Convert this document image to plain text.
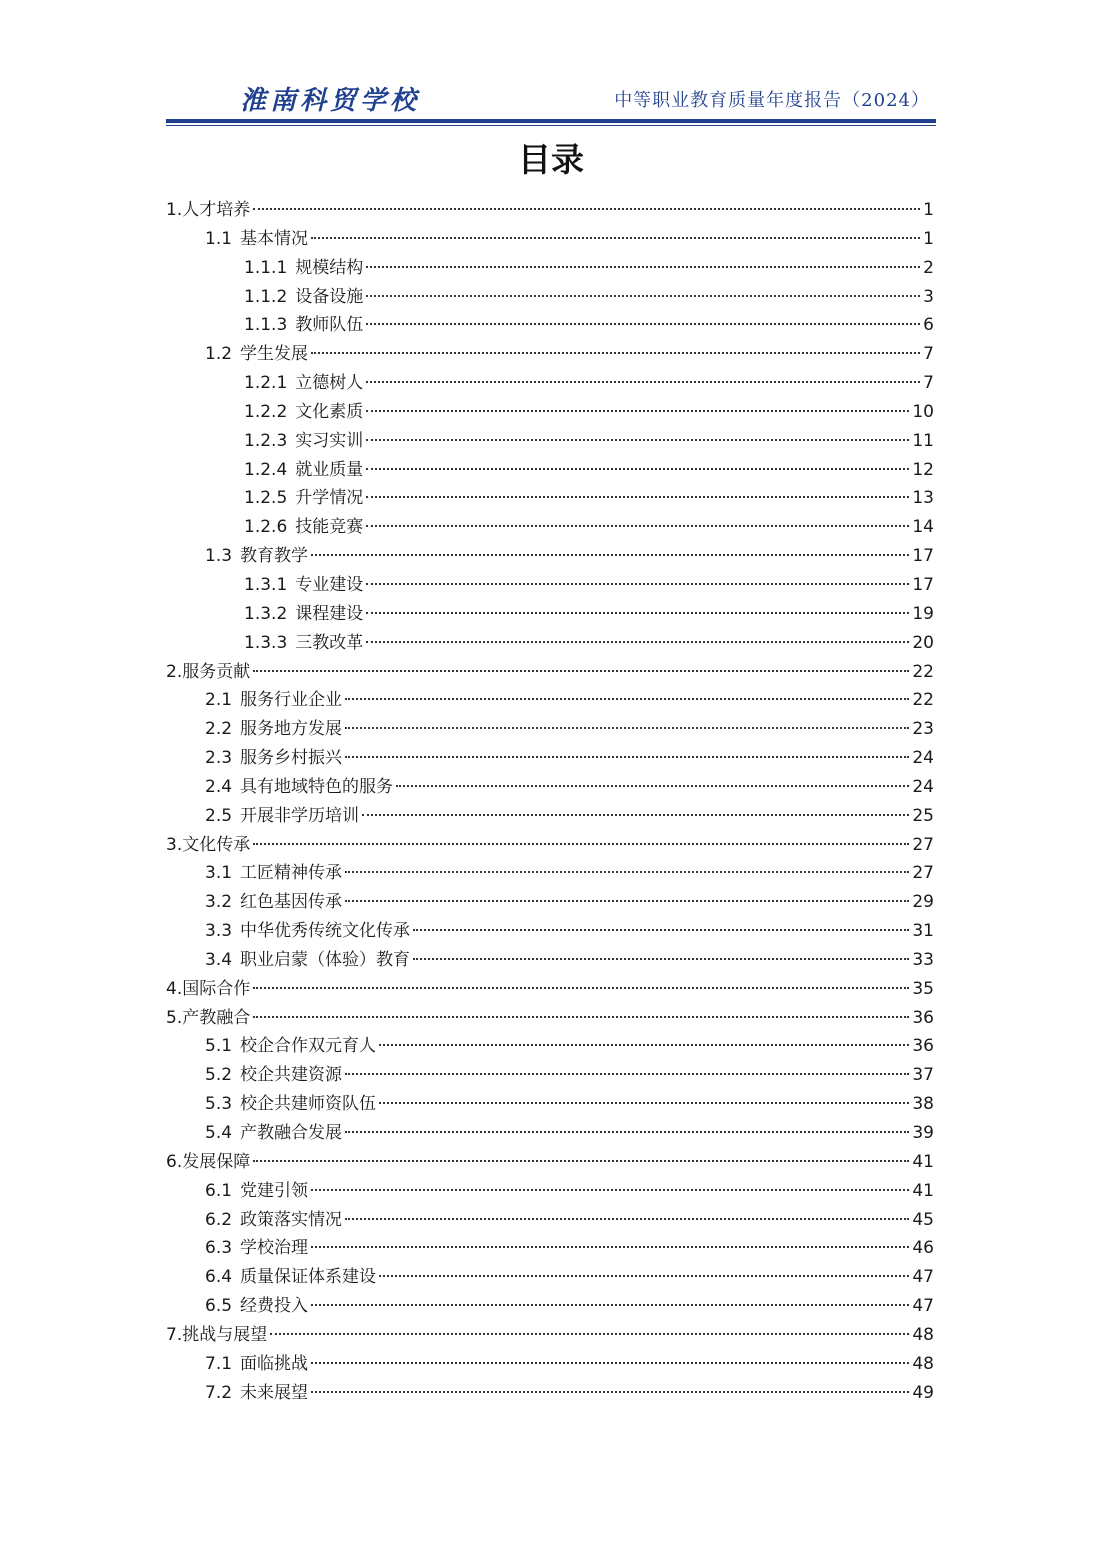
淮南科贸学校	中等职业教育质量年度报告（2024）
目录
1. 人才培养	1
1.1 基本情况	1
1.1.1 规模结构	2
1.1.2 设备设施	3
1.1.3 教师队伍	6
1.2 学生发展	7
1.2.1 立德树人	7
1.2.2 文化素质	10
1.2.3 实习实训	11
1.2.4 就业质量	12
1.2.5 升学情况	13
1.2.6 技能竞赛	14
1.3 教育教学	17
1.3.1 专业建设	17
1.3.2 课程建设	19
1.3.3 三教改革	20
2. 服务贡献	22
2.1 服务行业企业	22
2.2 服务地方发展	23
2.3 服务乡村振兴	24
2.4 具有地域特色的服务	24
2.5 开展非学历培训	25
3. 文化传承	27
3.1 工匠精神传承	27
3.2 红色基因传承	29
3.3 中华优秀传统文化传承	31
3.4 职业启蒙（体验）教育	33
4. 国际合作	35
5. 产教融合	36
5.1 校企合作双元育人	36
5.2 校企共建资源	37
5.3 校企共建师资队伍	38
5.4 产教融合发展	39
6. 发展保障	41
6.1 党建引领	41
6.2 政策落实情况	45
6.3 学校治理	46
6.4 质量保证体系建设	47
6.5 经费投入	47
7. 挑战与展望	48
7.1 面临挑战	48
7.2 未来展望	49
